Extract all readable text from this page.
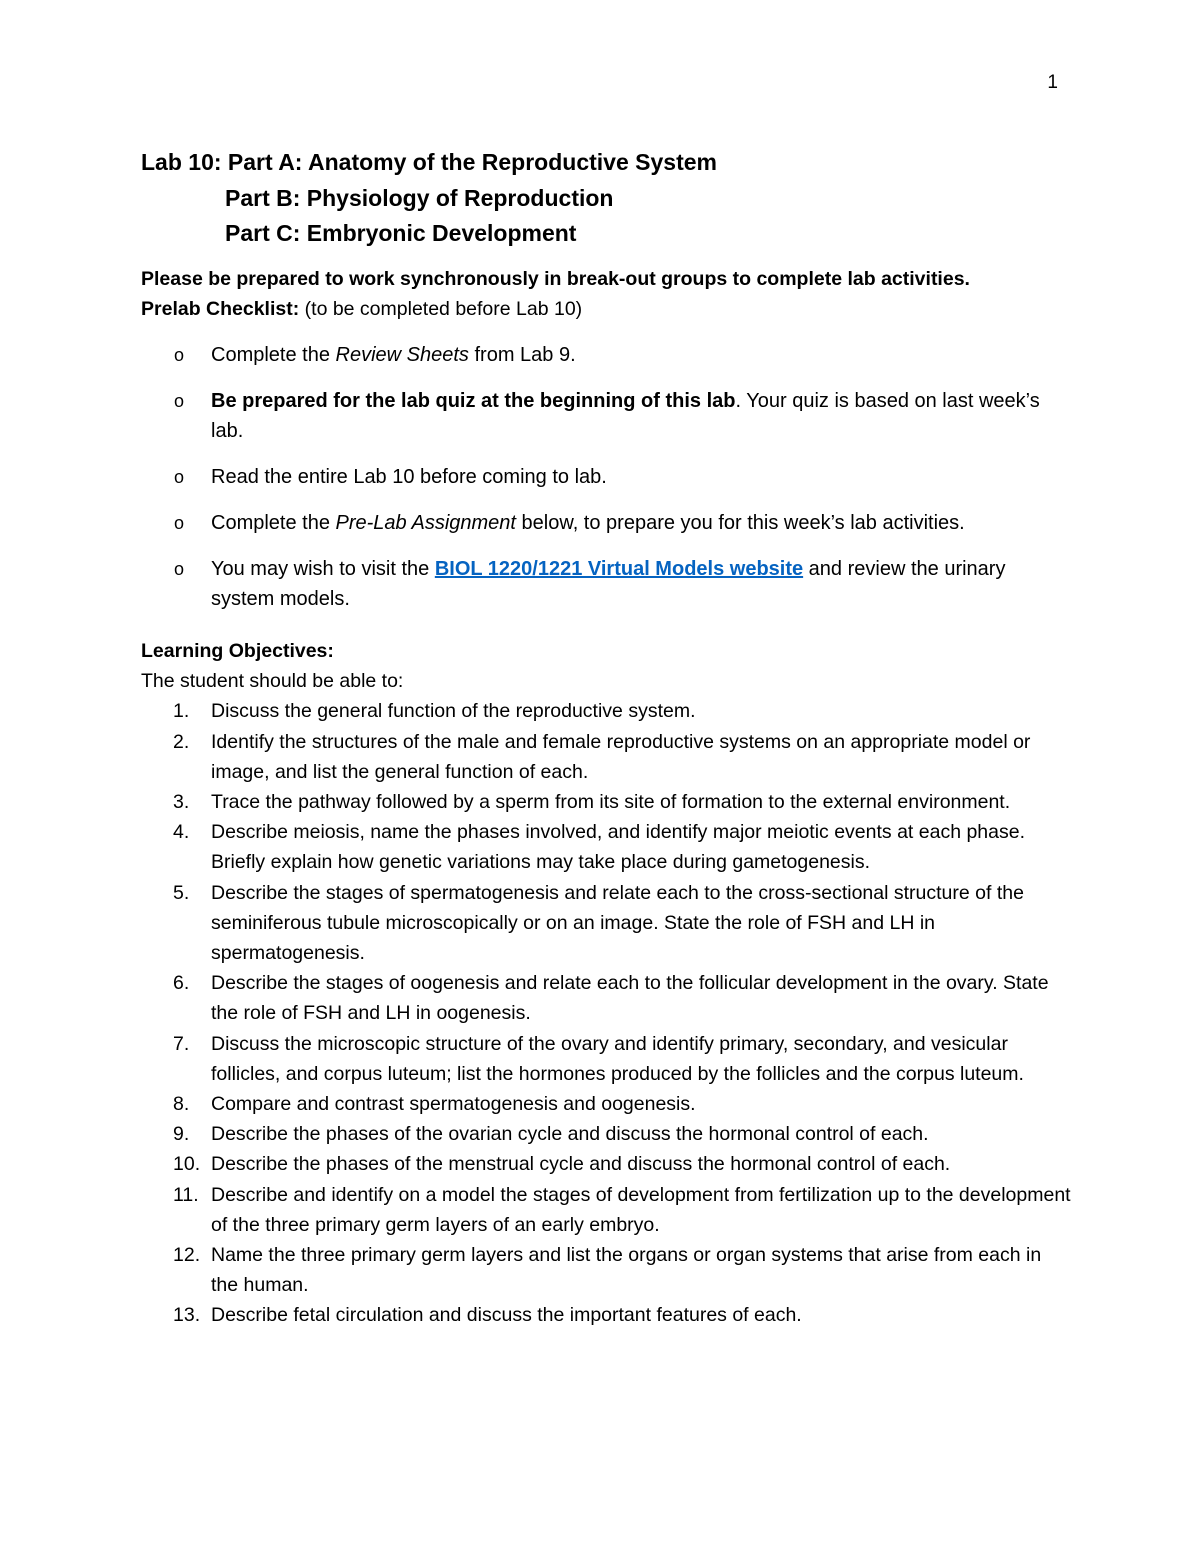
1
Lab 10: Part A: Anatomy of the Reproductive System
Part B: Physiology of Reproduction
Part C: Embryonic Development
Please be prepared to work synchronously in break-out groups to complete lab activities.
Prelab Checklist: (to be completed before Lab 10)
o Complete the Review Sheets from Lab 9.
o Be prepared for the lab quiz at the beginning of this lab. Your quiz is based on last week’s lab.
o Read the entire Lab 10 before coming to lab.
o Complete the Pre-Lab Assignment below, to prepare you for this week’s lab activities.
o You may wish to visit the BIOL 1220/1221 Virtual Models website and review the urinary system models.
Learning Objectives:
The student should be able to:
1.	Discuss the general function of the reproductive system.
2.	Identify the structures of the male and female reproductive systems on an appropriate model or image, and list the general function of each.
3.	Trace the pathway followed by a sperm from its site of formation to the external environment.
4.	Describe meiosis, name the phases involved, and identify major meiotic events at each phase. Briefly explain how genetic variations may take place during gametogenesis.
5.	Describe the stages of spermatogenesis and relate each to the cross-sectional structure of the seminiferous tubule microscopically or on an image. State the role of FSH and LH in spermatogenesis.
6.	Describe the stages of oogenesis and relate each to the follicular development in the ovary. State the role of FSH and LH in oogenesis.
7.	Discuss the microscopic structure of the ovary and identify primary, secondary, and vesicular follicles, and corpus luteum; list the hormones produced by the follicles and the corpus luteum.
8.	Compare and contrast spermatogenesis and oogenesis.
9.	Describe the phases of the ovarian cycle and discuss the hormonal control of each.
10. Describe the phases of the menstrual cycle and discuss the hormonal control of each.
11. Describe and identify on a model the stages of development from fertilization up to the development of the three primary germ layers of an early embryo.
12. Name the three primary germ layers and list the organs or organ systems that arise from each in the human.
13. Describe fetal circulation and discuss the important features of each.
